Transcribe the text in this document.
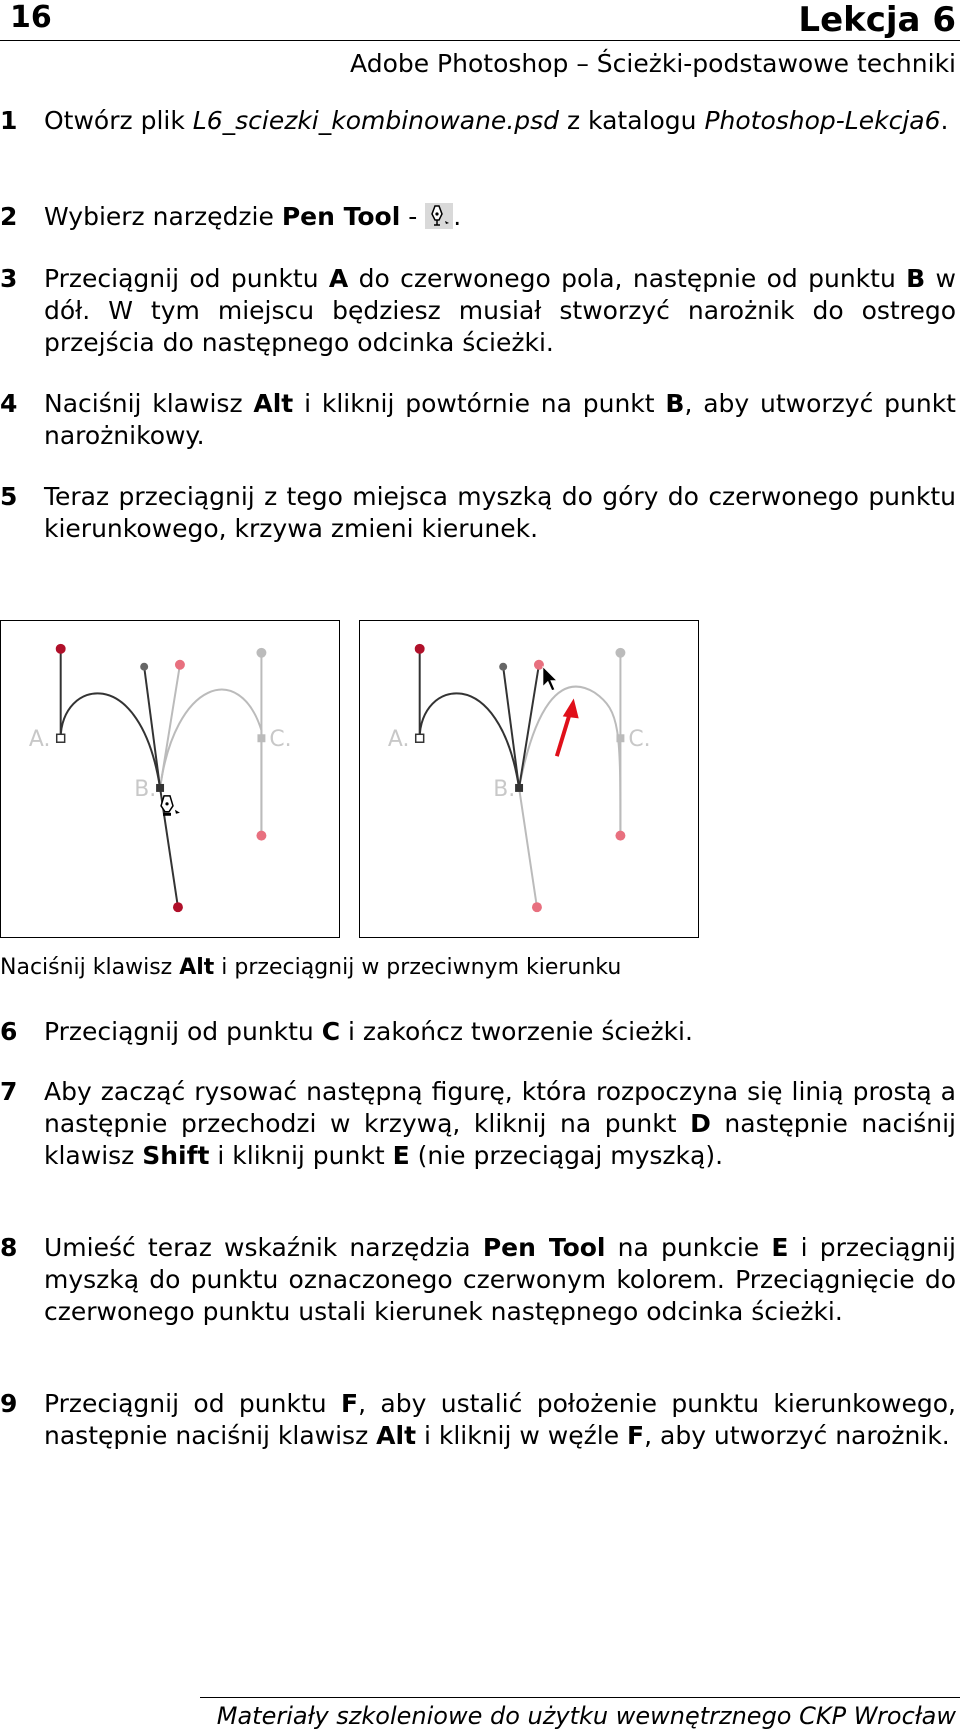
16	Lekcja 6
Adobe Photoshop – Ścieżki-podstawowe techniki
1 Otwórz plik L6_sciezki_kombinowane.psd z katalogu Photoshop-Lekcja6.
2 Wybierz narzędzie Pen Tool - .
3 Przeciągnij od punktu A do czerwonego pola, następnie od punktu B w dół. W tym miejscu będziesz musiał stworzyć narożnik do ostrego przejścia do następnego odcinka ścieżki.
4 Naciśnij klawisz Alt i kliknij powtórnie na punkt B, aby utworzyć punkt narożnikowy.
5 Teraz przeciągnij z tego miejsca myszką do góry do czerwonego punktu kierunkowego, krzywa zmieni kierunek.
A.
B.
C.	A.
B.
C.
Naciśnij klawisz Alt i przeciągnij w przeciwnym kierunku
6 Przeciągnij od punktu C i zakończ tworzenie ścieżki.
7 Aby zacząć rysować następną figurę, która rozpoczyna się linią prostą a następnie przechodzi w krzywą, kliknij na punkt D następnie naciśnij klawisz Shift i kliknij punkt E (nie przeciągaj myszką).
8 Umieść teraz wskaźnik narzędzia Pen Tool na punkcie E i przeciągnij myszką do punktu oznaczonego czerwonym kolorem. Przeciągnięcie do czerwonego punktu ustali kierunek następnego odcinka ścieżki.
9 Przeciągnij od punktu F, aby ustalić położenie punktu kierunkowego, następnie naciśnij klawisz Alt i kliknij w węźle F, aby utworzyć narożnik.
Materiały szkoleniowe do użytku wewnętrznego CKP Wrocław
